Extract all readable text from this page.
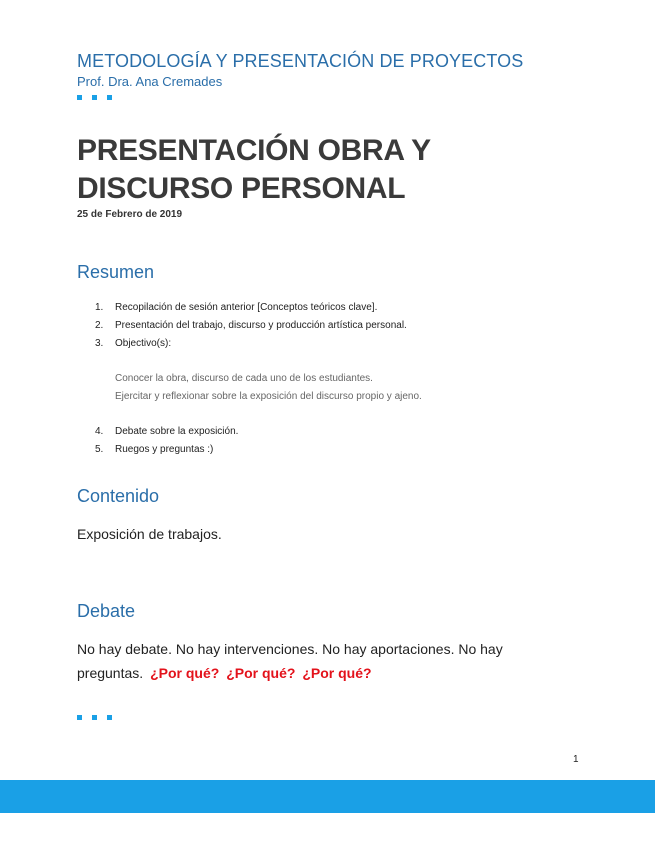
METODOLOGÍA Y PRESENTACIÓN DE PROYECTOS
Prof. Dra. Ana Cremades
PRESENTACIÓN OBRA Y
DISCURSO PERSONAL
25 de Febrero de 2019
Resumen
1. Recopilación de sesión anterior [Conceptos teóricos clave].
2. Presentación del trabajo, discurso y producción artística personal.
3. Objectivo(s):
Conocer la obra, discurso de cada uno de los estudiantes.
Ejercitar y reflexionar sobre la exposición del discurso propio y ajeno.
4. Debate sobre la exposición.
5. Ruegos y preguntas :)
Contenido
Exposición de trabajos.
Debate
No hay debate. No hay intervenciones. No hay aportaciones. No hay preguntas. ¿Por qué? ¿Por qué? ¿Por qué?
1
